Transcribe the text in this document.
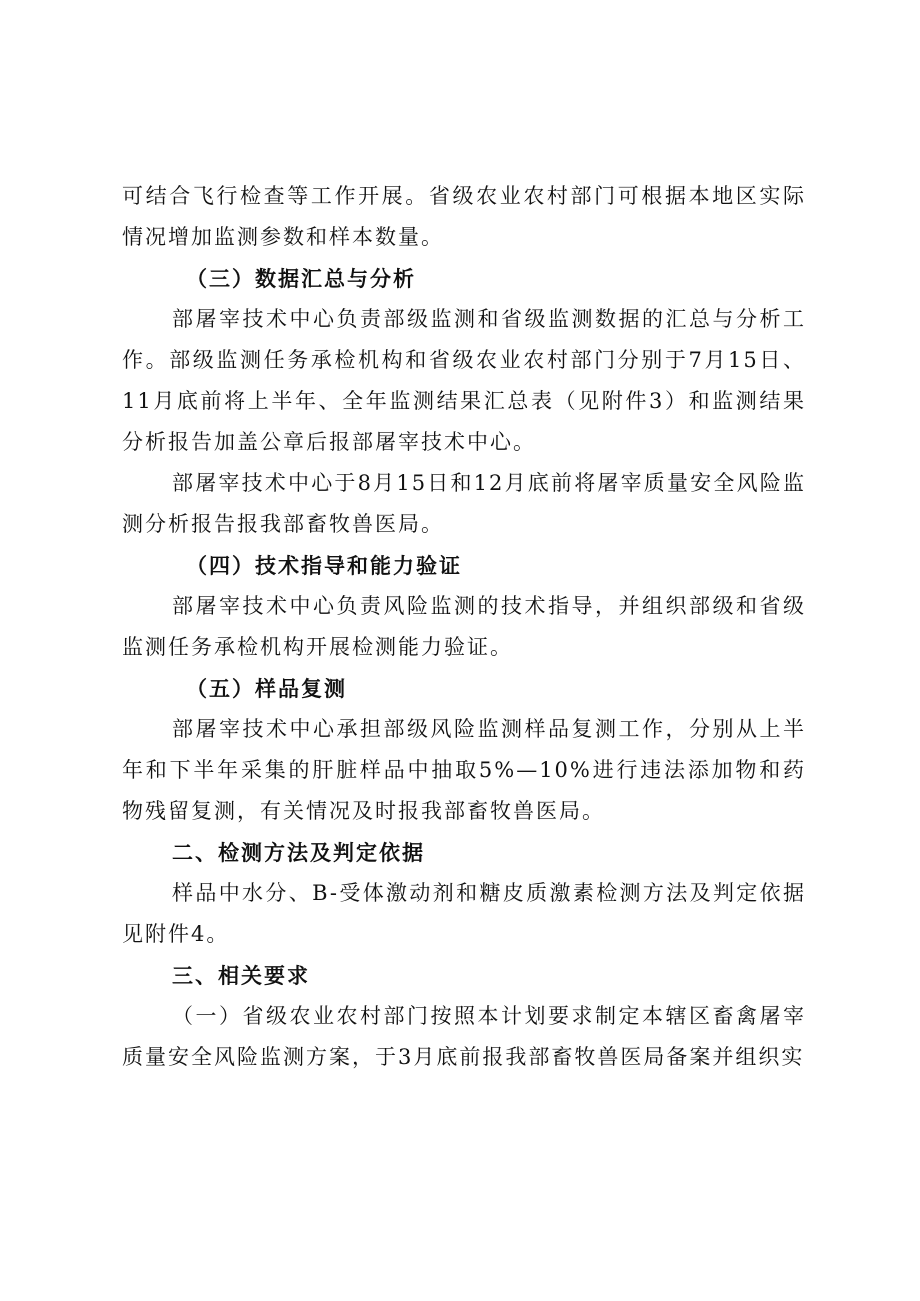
可结合飞行检查等工作开展。省级农业农村部门可根据本地区实际情况增加监测参数和样本数量。

（三）数据汇总与分析

部屠宰技术中心负责部级监测和省级监测数据的汇总与分析工作。部级监测任务承检机构和省级农业农村部门分别于7月15日、11月底前将上半年、全年监测结果汇总表（见附件3）和监测结果分析报告加盖公章后报部屠宰技术中心。

部屠宰技术中心于8月15日和12月底前将屠宰质量安全风险监测分析报告报我部畜牧兽医局。

（四）技术指导和能力验证

部屠宰技术中心负责风险监测的技术指导，并组织部级和省级监测任务承检机构开展检测能力验证。

（五）样品复测

部屠宰技术中心承担部级风险监测样品复测工作，分别从上半年和下半年采集的肝脏样品中抽取5%—10%进行违法添加物和药物残留复测，有关情况及时报我部畜牧兽医局。

二、检测方法及判定依据

样品中水分、B-受体激动剂和糖皮质激素检测方法及判定依据见附件4。

三、相关要求

（一）省级农业农村部门按照本计划要求制定本辖区畜禽屠宰质量安全风险监测方案，于3月底前报我部畜牧兽医局备案并组织实
